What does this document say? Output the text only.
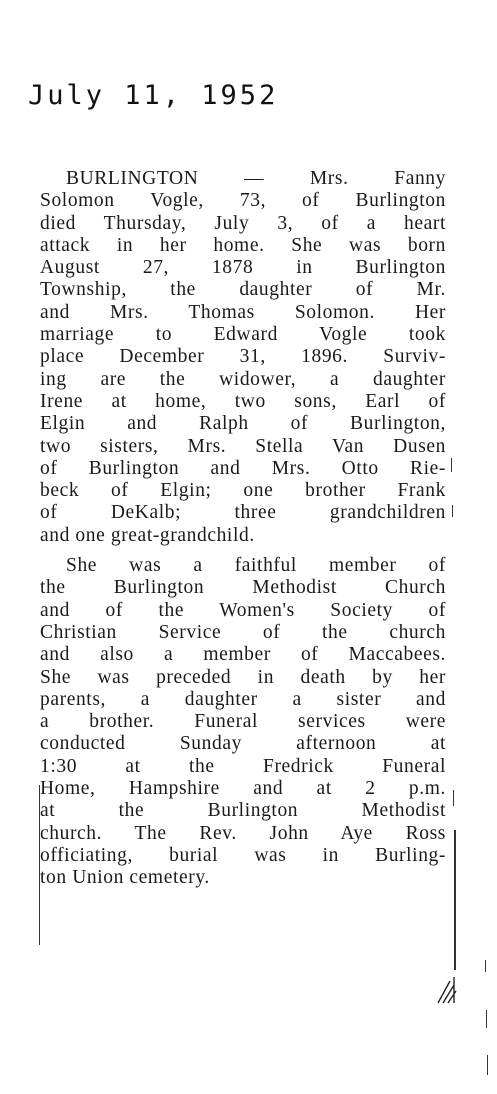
July 11, 1952

BURLINGTON — Mrs. Fanny
Solomon Vogle, 73, of Burlington
died Thursday, July 3, of a heart
attack in her home. She was born
August 27, 1878 in Burlington
Township, the daughter of Mr.
and Mrs. Thomas Solomon. Her
marriage to Edward Vogle took
place December 31, 1896. Surviv-
ing are the widower, a daughter
Irene at home, two sons, Earl of
Elgin and Ralph of Burlington,
two sisters, Mrs. Stella Van Dusen
of Burlington and Mrs. Otto Rie-
beck of Elgin; one brother Frank
of DeKalb; three grandchildren
and one great-grandchild.

She was a faithful member of
the Burlington Methodist Church
and of the Women's Society of
Christian Service of the church
and also a member of Maccabees.
She was preceded in death by her
parents, a daughter a sister and
a brother. Funeral services were
conducted Sunday afternoon at
1:30 at the Fredrick Funeral
Home, Hampshire and at 2 p.m.
at the Burlington Methodist
church. The Rev. John Aye Ross
officiating, burial was in Burling-
ton Union cemetery.
